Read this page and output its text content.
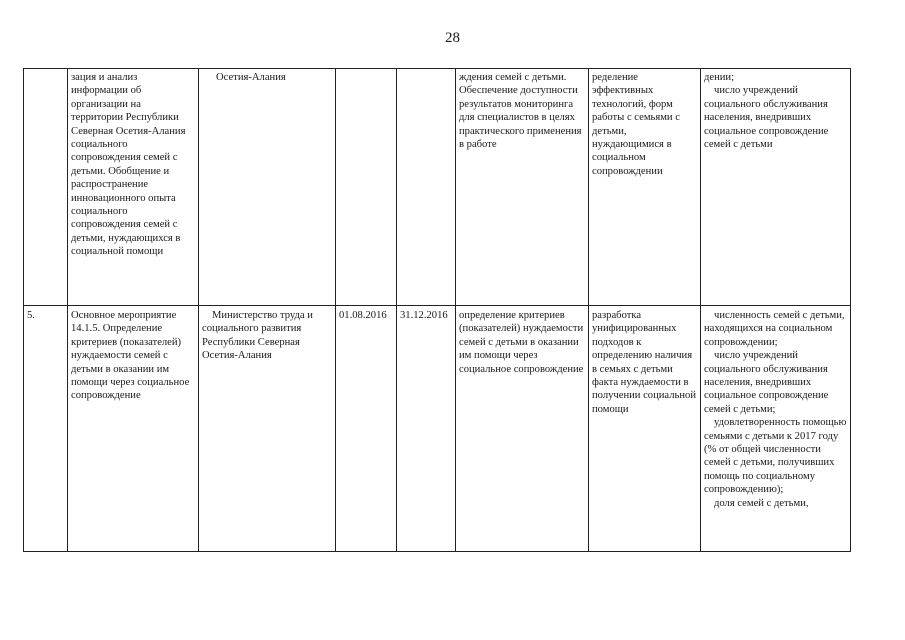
28
	зация и анализ информации об организации на территории Республики Северная Осетия-Алания социального сопровождения семей с детьми. Обобщение и распространение инновационного опыта социального сопровождения семей с детьми, нуждающихся в социальной помощи	Осетия-Алания			ждения семей с детьми. Обеспечение доступности результатов мониторинга для специалистов в целях практического применения в работе	ределение эффективных технологий, форм работы с семьями с детьми, нуждающимися в социальном сопровождении	дении;
число учреждений социального обслуживания населения, внедривших социальное сопровождение семей с детьми

5.	Основное мероприятие 14.1.5. Определение критериев (показателей) нуждаемости семей с детьми в оказании им помощи через социальное сопровождение	Министерство труда и социального развития Республики Северная Осетия-Алания	01.08.2016	31.12.2016	определение критериев (показателей) нуждаемости семей с детьми в оказании им помощи через социальное сопровождение	разработка унифицированных подходов к определению наличия в семьях с детьми факта нуждаемости в получении социальной помощи	численность семей с детьми, находящихся на социальном сопровождении;
число учреждений социального обслуживания населения, внедривших социальное сопровождение семей с детьми;
удовлетворенность помощью семьями с детьми к 2017 году (% от общей численности семей с детьми, получивших помощь по социальному сопровождению);
доля семей с детьми,
